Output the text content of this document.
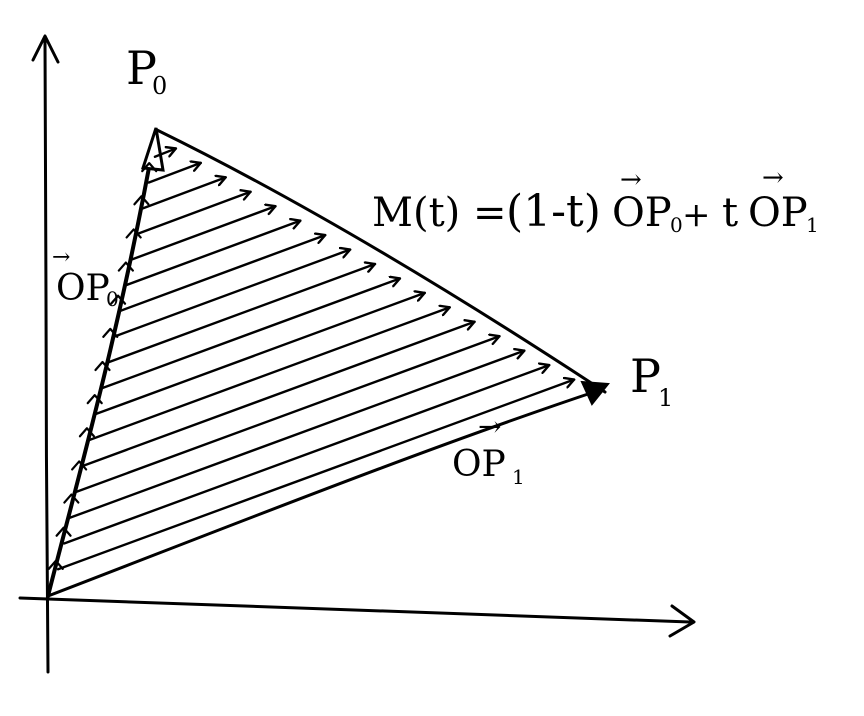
P
0
P
1
→
OP
0
→
OP 1
M(t) = (1-t)
→
OP
0 + t
→
OP
1
